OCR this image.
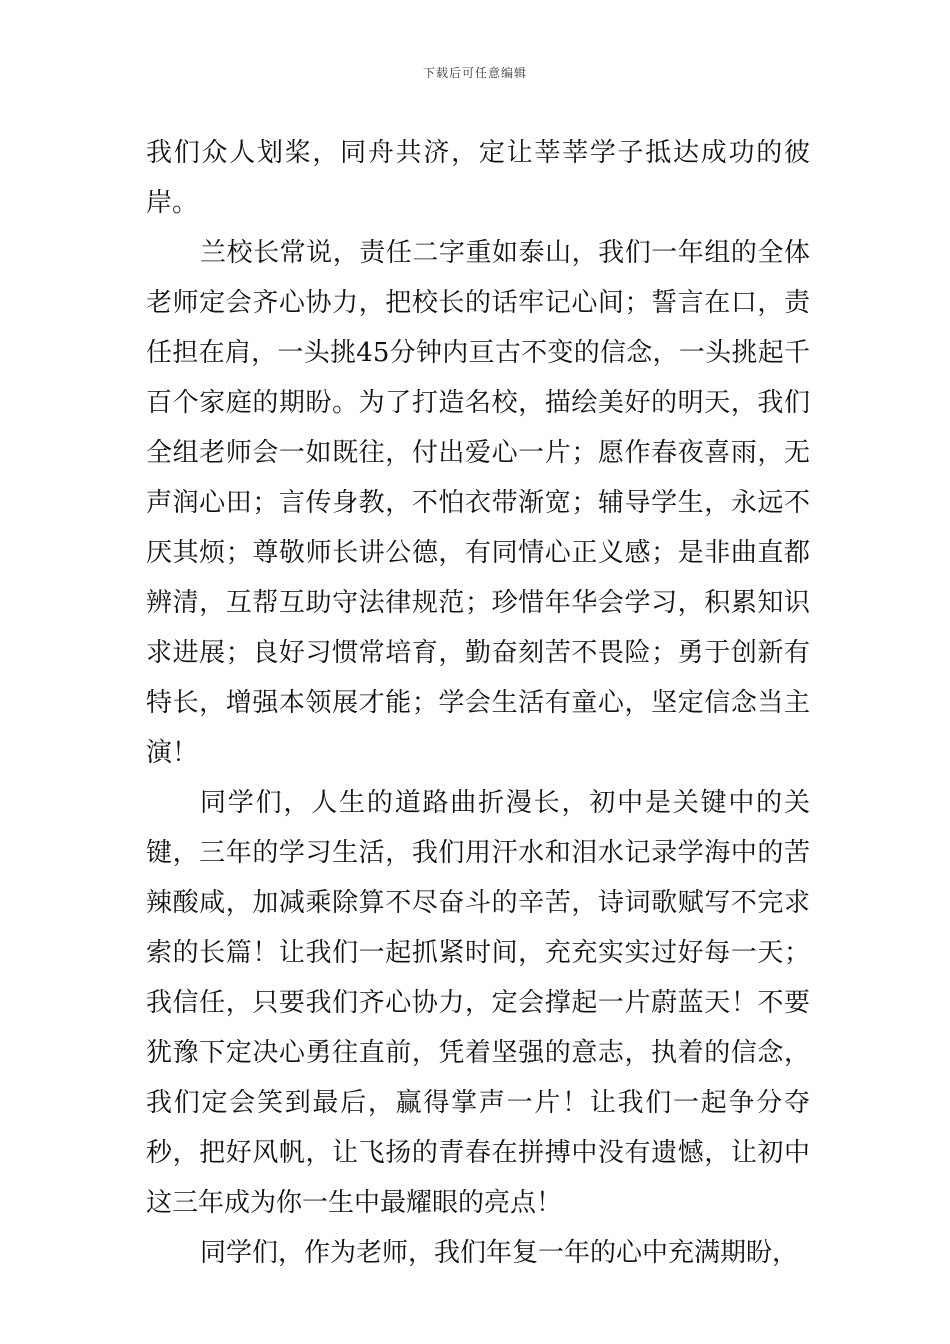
下载后可任意编辑

我们众人划桨，同舟共济，定让莘莘学子抵达成功的彼岸。

兰校长常说，责任二字重如泰山，我们一年组的全体老师定会齐心协力，把校长的话牢记心间；誓言在口，责任担在肩，一头挑45分钟内亘古不变的信念，一头挑起千百个家庭的期盼。为了打造名校，描绘美好的明天，我们全组老师会一如既往，付出爱心一片；愿作春夜喜雨，无声润心田；言传身教，不怕衣带渐宽；辅导学生，永远不厌其烦；尊敬师长讲公德，有同情心正义感；是非曲直都辨清，互帮互助守法律规范；珍惜年华会学习，积累知识求进展；良好习惯常培育，勤奋刻苦不畏险；勇于创新有特长，增强本领展才能；学会生活有童心，坚定信念当主演！

同学们，人生的道路曲折漫长，初中是关键中的关键，三年的学习生活，我们用汗水和泪水记录学海中的苦辣酸咸，加减乘除算不尽奋斗的辛苦，诗词歌赋写不完求索的长篇！让我们一起抓紧时间，充充实实过好每一天；我信任，只要我们齐心协力，定会撑起一片蔚蓝天！不要犹豫下定决心勇往直前，凭着坚强的意志，执着的信念，我们定会笑到最后，赢得掌声一片！让我们一起争分夺秒，把好风帆，让飞扬的青春在拼搏中没有遗憾，让初中这三年成为你一生中最耀眼的亮点！

同学们，作为老师，我们年复一年的心中充满期盼，
